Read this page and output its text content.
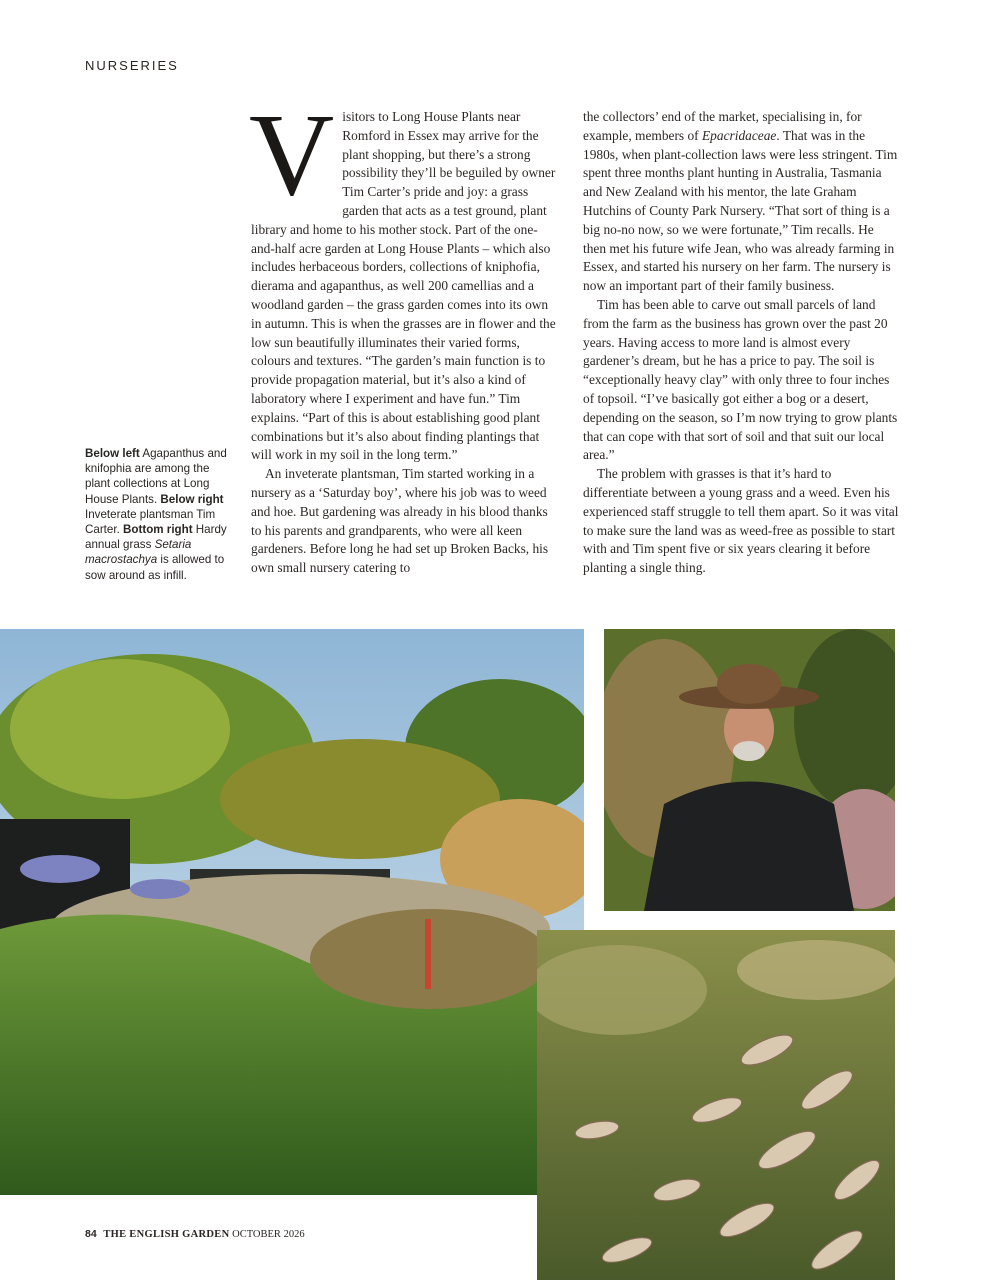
NURSERIES

Visitors to Long House Plants near Romford in Essex may arrive for the plant shopping, but there’s a strong possibility they’ll be beguiled by owner Tim Carter’s pride and joy: a grass garden that acts as a test ground, plant library and home to his mother stock. Part of the one-and-half acre garden at Long House Plants – which also includes herbaceous borders, collections of kniphofia, dierama and agapanthus, as well 200 camellias and a woodland garden – the grass garden comes into its own in autumn. This is when the grasses are in flower and the low sun beautifully illuminates their varied forms, colours and textures. “The garden’s main function is to provide propagation material, but it’s also a kind of laboratory where I experiment and have fun.” Tim explains. “Part of this is about establishing good plant combinations but it’s also about finding plantings that will work in my soil in the long term.”

An inveterate plantsman, Tim started working in a nursery as a ‘Saturday boy’, where his job was to weed and hoe. But gardening was already in his blood thanks to his parents and grandparents, who were all keen gardeners. Before long he had set up Broken Backs, his own small nursery catering to

the collectors’ end of the market, specialising in, for example, members of Epacridaceae. That was in the 1980s, when plant-collection laws were less stringent. Tim spent three months plant hunting in Australia, Tasmania and New Zealand with his mentor, the late Graham Hutchins of County Park Nursery. “That sort of thing is a big no-no now, so we were fortunate,” Tim recalls. He then met his future wife Jean, who was already farming in Essex, and started his nursery on her farm. The nursery is now an important part of their family business.

Tim has been able to carve out small parcels of land from the farm as the business has grown over the past 20 years. Having access to more land is almost every gardener’s dream, but he has a price to pay. The soil is “exceptionally heavy clay” with only three to four inches of topsoil. “I’ve basically got either a bog or a desert, depending on the season, so I’m now trying to grow plants that can cope with that sort of soil and that suit our local area.”

The problem with grasses is that it’s hard to differentiate between a young grass and a weed. Even his experienced staff struggle to tell them apart. So it was vital to make sure the land was as weed-free as possible to start with and Tim spent five or six years clearing it before planting a single thing.

Below left Agapanthus and knifophia are among the plant collections at Long House Plants. Below right Inveterate plantsman Tim Carter. Bottom right Hardy annual grass Setaria macrostachya is allowed to sow around as infill.
84 THE ENGLISH GARDEN OCTOBER 2026
